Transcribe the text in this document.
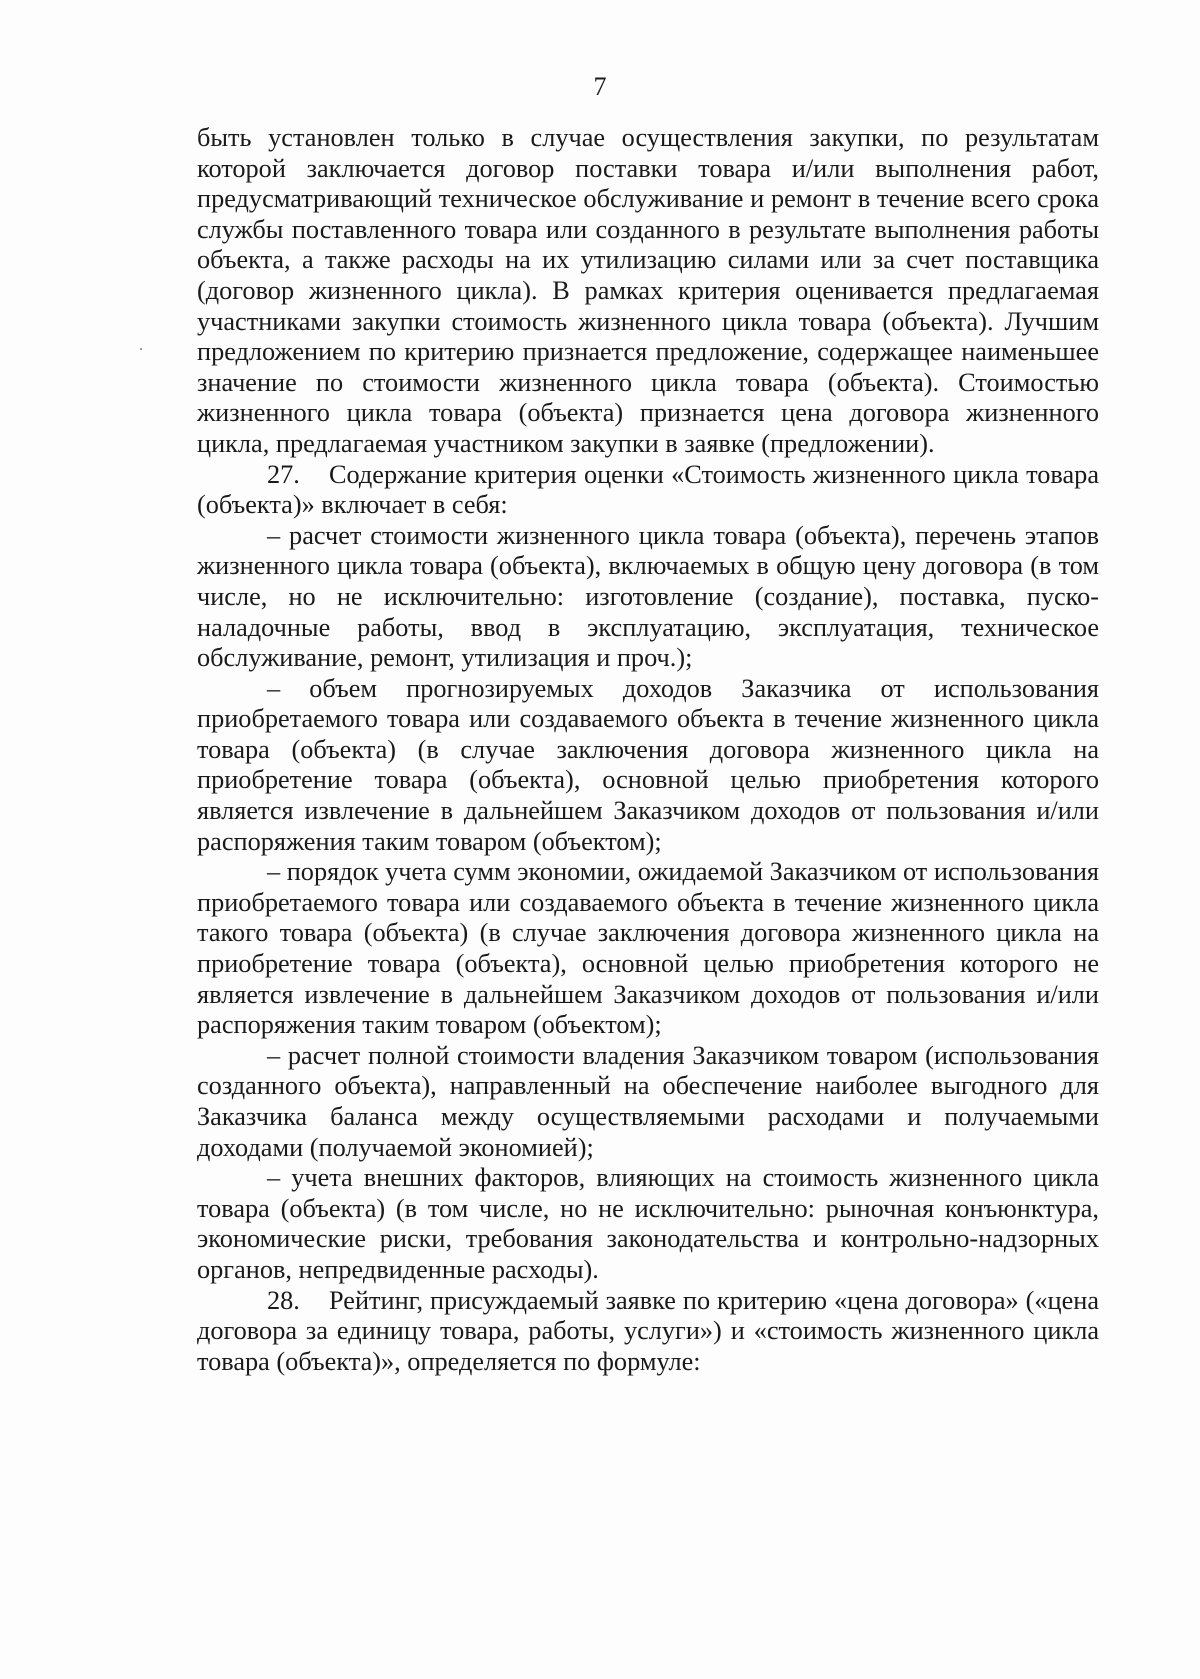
7

быть установлен только в случае осуществления закупки, по результатам которой заключается договор поставки товара и/или выполнения работ, предусматривающий техническое обслуживание и ремонт в течение всего срока службы поставленного товара или созданного в результате выполнения работы объекта, а также расходы на их утилизацию силами или за счет поставщика (договор жизненного цикла). В рамках критерия оценивается предлагаемая участниками закупки стоимость жизненного цикла товара (объекта). Лучшим предложением по критерию признается предложение, содержащее наименьшее значение по стоимости жизненного цикла товара (объекта). Стоимостью жизненного цикла товара (объекта) признается цена договора жизненного цикла, предлагаемая участником закупки в заявке (предложении).

27. Содержание критерия оценки «Стоимость жизненного цикла товара (объекта)» включает в себя:

– расчет стоимости жизненного цикла товара (объекта), перечень этапов жизненного цикла товара (объекта), включаемых в общую цену договора (в том числе, но не исключительно: изготовление (создание), поставка, пуско- наладочные работы, ввод в эксплуатацию, эксплуатация, техническое обслуживание, ремонт, утилизация и проч.);

– объем прогнозируемых доходов Заказчика от использования приобретаемого товара или создаваемого объекта в течение жизненного цикла товара (объекта) (в случае заключения договора жизненного цикла на приобретение товара (объекта), основной целью приобретения которого является извлечение в дальнейшем Заказчиком доходов от пользования и/или распоряжения таким товаром (объектом);

– порядок учета сумм экономии, ожидаемой Заказчиком от использования приобретаемого товара или создаваемого объекта в течение жизненного цикла такого товара (объекта) (в случае заключения договора жизненного цикла на приобретение товара (объекта), основной целью приобретения которого не является извлечение в дальнейшем Заказчиком доходов от пользования и/или распоряжения таким товаром (объектом);

– расчет полной стоимости владения Заказчиком товаром (использования созданного объекта), направленный на обеспечение наиболее выгодного для Заказчика баланса между осуществляемыми расходами и получаемыми доходами (получаемой экономией);

– учета внешних факторов, влияющих на стоимость жизненного цикла товара (объекта) (в том числе, но не исключительно: рыночная конъюнктура, экономические риски, требования законодательства и контрольно-надзорных органов, непредвиденные расходы).

28. Рейтинг, присуждаемый заявке по критерию «цена договора» («цена договора за единицу товара, работы, услуги») и «стоимость жизненного цикла товара (объекта)», определяется по формуле:
